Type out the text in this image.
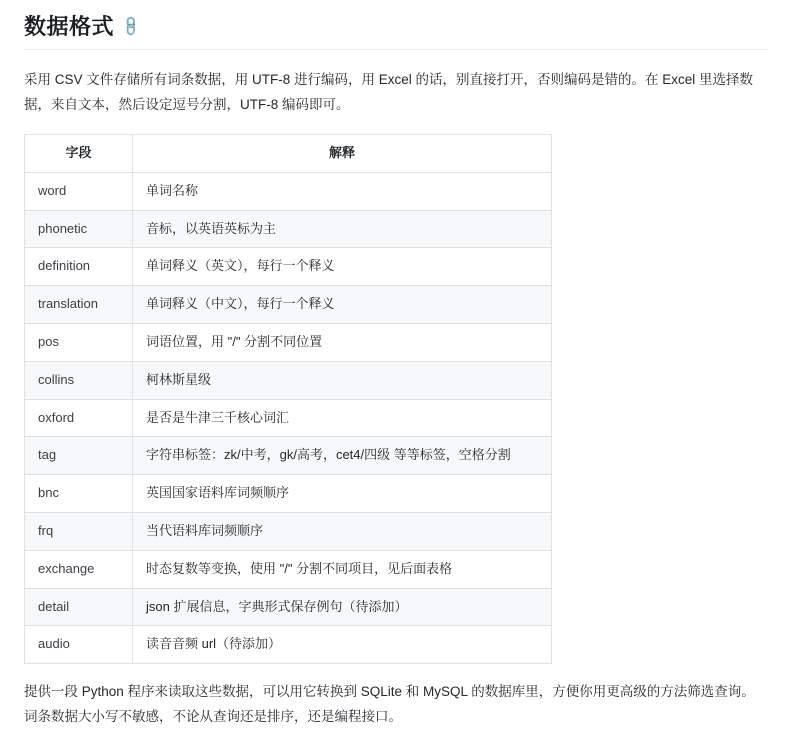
数据格式 🔗

采用 CSV 文件存储所有词条数据，用 UTF-8 进行编码，用 Excel 的话，别直接打开，否则编码是错的。在 Excel 里选择数据，来自文本，然后设定逗号分割，UTF-8 编码即可。

字段	解释
word	单词名称
phonetic	音标，以英语英标为主
definition	单词释义（英文），每行一个释义
translation	单词释义（中文），每行一个释义
pos	词语位置，用 "/" 分割不同位置
collins	柯林斯星级
oxford	是否是牛津三千核心词汇
tag	字符串标签：zk/中考，gk/高考，cet4/四级 等等标签，空格分割
bnc	英国国家语料库词频顺序
frq	当代语料库词频顺序
exchange	时态复数等变换，使用 "/" 分割不同项目，见后面表格
detail	json 扩展信息，字典形式保存例句（待添加）
audio	读音音频 url（待添加）

提供一段 Python 程序来读取这些数据，可以用它转换到 SQLite 和 MySQL 的数据库里，方便你用更高级的方法筛选查询。词条数据大小写不敏感，不论从查询还是排序，还是编程接口。
